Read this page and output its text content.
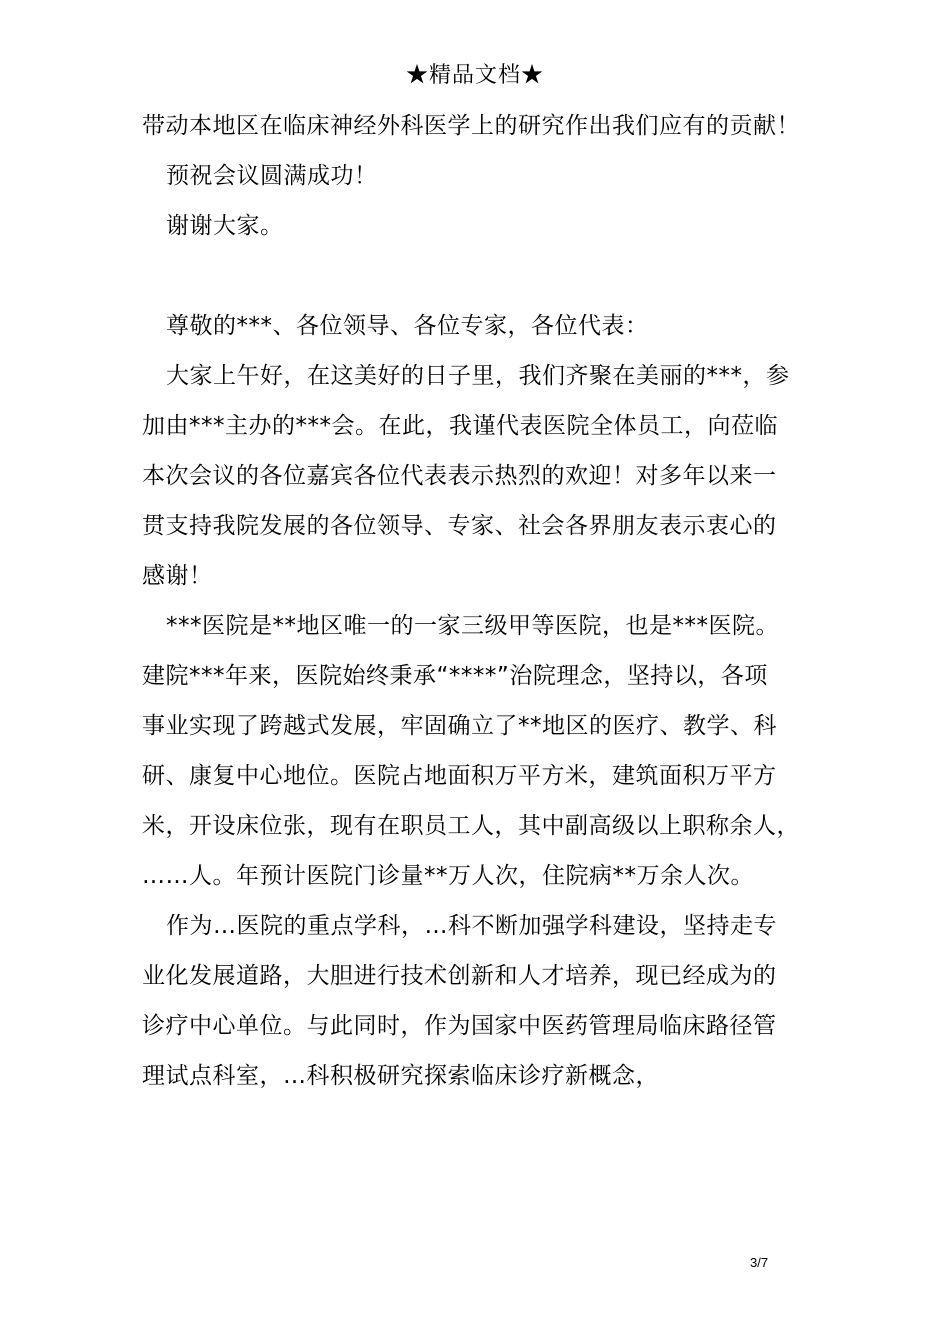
★精品文档★
带动本地区在临床神经外科医学上的研究作出我们应有的贡献！
预祝会议圆满成功！
谢谢大家。
尊敬的***、各位领导、各位专家，各位代表：
大家上午好，在这美好的日子里，我们齐聚在美丽的***，参
加由***主办的***会。在此，我谨代表医院全体员工，向莅临
本次会议的各位嘉宾各位代表表示热烈的欢迎！对多年以来一
贯支持我院发展的各位领导、专家、社会各界朋友表示衷心的
感谢！
***医院是**地区唯一的一家三级甲等医院，也是***医院。
建院***年来，医院始终秉承“****”治院理念，坚持以，各项
事业实现了跨越式发展，牢固确立了**地区的医疗、教学、科
研、康复中心地位。医院占地面积万平方米，建筑面积万平方
米，开设床位张，现有在职员工人，其中副高级以上职称余人，
……人。年预计医院门诊量**万人次，住院病**万余人次。
作为…医院的重点学科，…科不断加强学科建设，坚持走专
业化发展道路，大胆进行技术创新和人才培养，现已经成为的
诊疗中心单位。与此同时，作为国家中医药管理局临床路径管
理试点科室，…科积极研究探索临床诊疗新概念，
3/7
